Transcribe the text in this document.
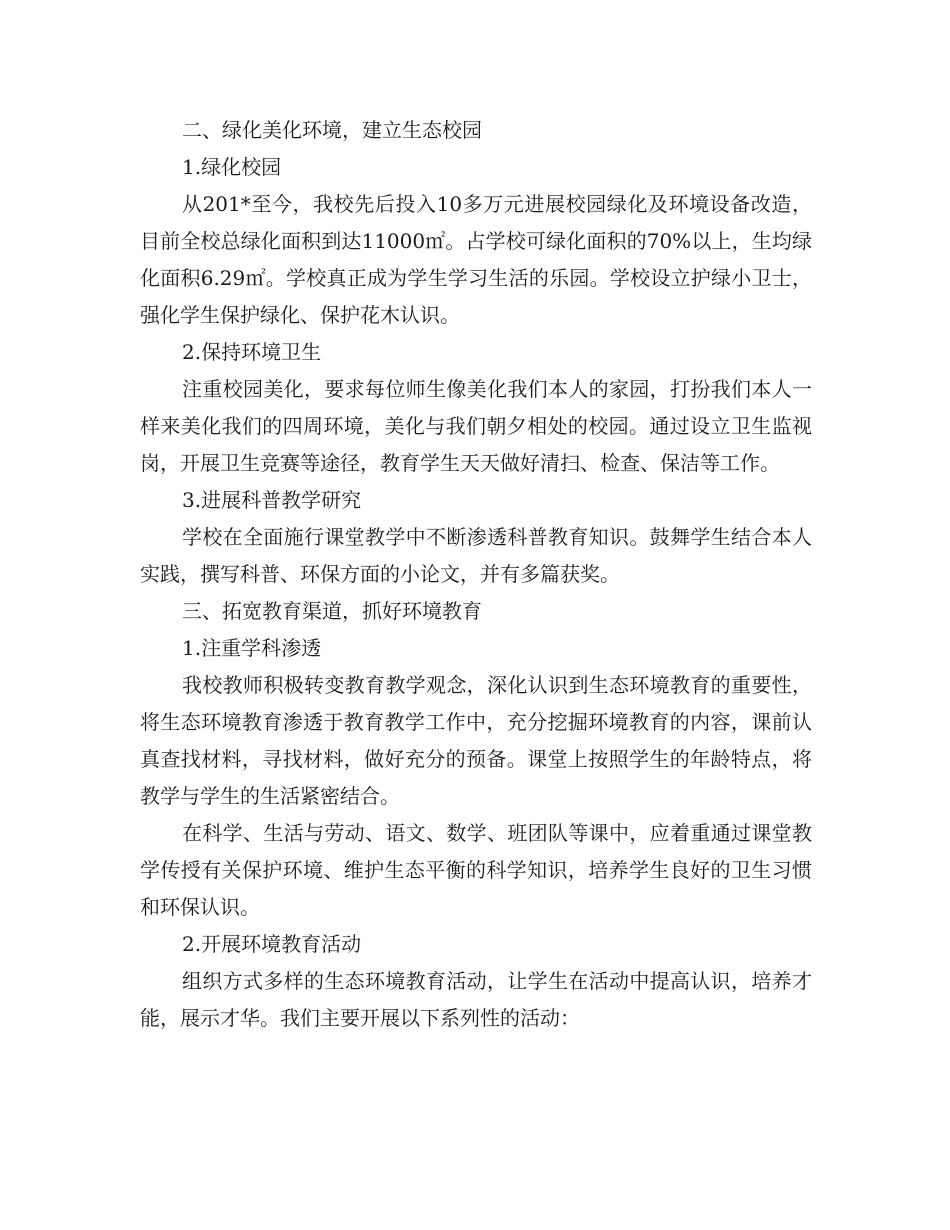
二、绿化美化环境，建立生态校园

1.绿化校园

从201*至今，我校先后投入10多万元进展校园绿化及环境设备改造，目前全校总绿化面积到达11000㎡。占学校可绿化面积的70%以上，生均绿化面积6.29㎡。学校真正成为学生学习生活的乐园。学校设立护绿小卫士，强化学生保护绿化、保护花木认识。

2.保持环境卫生

注重校园美化，要求每位师生像美化我们本人的家园，打扮我们本人一样来美化我们的四周环境，美化与我们朝夕相处的校园。通过设立卫生监视岗，开展卫生竞赛等途径，教育学生天天做好清扫、检查、保洁等工作。

3.进展科普教学研究

学校在全面施行课堂教学中不断渗透科普教育知识。鼓舞学生结合本人实践，撰写科普、环保方面的小论文，并有多篇获奖。

三、拓宽教育渠道，抓好环境教育

1.注重学科渗透

我校教师积极转变教育教学观念，深化认识到生态环境教育的重要性，将生态环境教育渗透于教育教学工作中，充分挖掘环境教育的内容，课前认真查找材料，寻找材料，做好充分的预备。课堂上按照学生的年龄特点，将教学与学生的生活紧密结合。

在科学、生活与劳动、语文、数学、班团队等课中，应着重通过课堂教学传授有关保护环境、维护生态平衡的科学知识，培养学生良好的卫生习惯和环保认识。

2.开展环境教育活动

组织方式多样的生态环境教育活动，让学生在活动中提高认识，培养才能，展示才华。我们主要开展以下系列性的活动：
